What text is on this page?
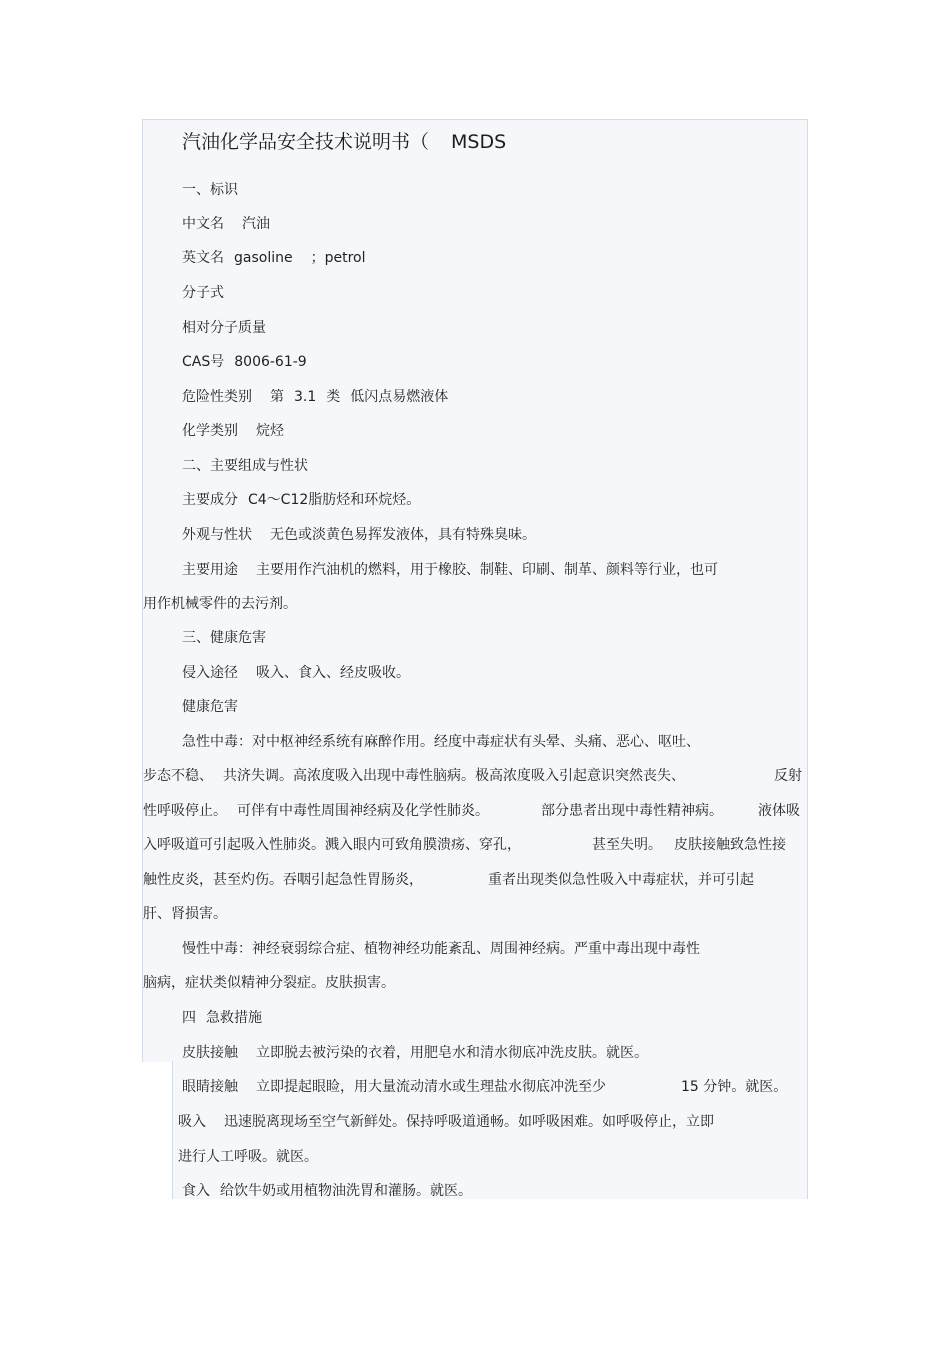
汽油化学品安全技术说明书（ MSDS
一、标识
中文名 汽油
英文名 gasoline ；petrol
分子式
相对分子质量
CAS号 8006-61-9
危险性类别 第 3.1 类 低闪点易燃液体
化学类别 烷烃
二、主要组成与性状
主要成分 C4～C12脂肪烃和环烷烃。
外观与性状 无色或淡黄色易挥发液体，具有特殊臭味。
主要用途 主要用作汽油机的燃料，用于橡胶、制鞋、印刷、制革、颜料等行业，也可
用作机械零件的去污剂。
三、健康危害
侵入途径 吸入、食入、经皮吸收。
健康危害
急性中毒：对中枢神经系统有麻醉作用。经度中毒症状有头晕、头痛、恶心、呕吐、
步态不稳、 共济失调。高浓度吸入出现中毒性脑病。极高浓度吸入引起意识突然丧失、	反射
性呼吸停止。 可伴有中毒性周围神经病及化学性肺炎。	部分患者出现中毒性精神病。	液体吸
入呼吸道可引起吸入性肺炎。溅入眼内可致角膜溃疡、穿孔，	甚至失明。 皮肤接触致急性接
触性皮炎，甚至灼伤。吞咽引起急性胃肠炎，	重者出现类似急性吸入中毒症状，并可引起
肝、肾损害。
慢性中毒：神经衰弱综合症、植物神经功能紊乱、周围神经病。严重中毒出现中毒性
脑病，症状类似精神分裂症。皮肤损害。
四 急救措施
皮肤接触 立即脱去被污染的衣着，用肥皂水和清水彻底冲洗皮肤。就医。
眼睛接触 立即提起眼睑，用大量流动清水或生理盐水彻底冲洗至少	15 分钟。就医。
吸入 迅速脱离现场至空气新鲜处。保持呼吸道通畅。如呼吸困难。如呼吸停止，立即
进行人工呼吸。就医。
食入 给饮牛奶或用植物油洗胃和灌肠。就医。
